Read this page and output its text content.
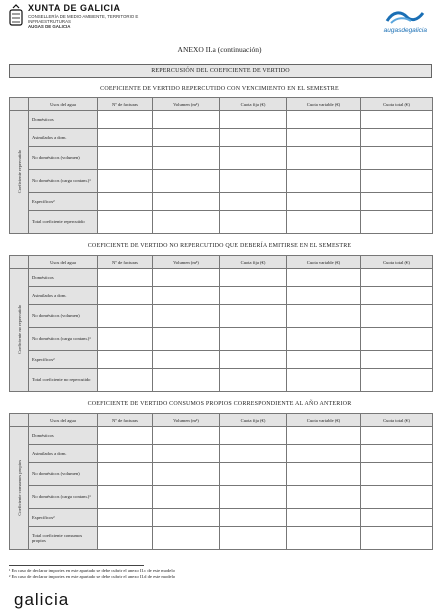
XUNTA DE GALICIA
CONSELLERÍA DE MEDIO AMBIENTE, TERRITORIO E INFRAESTRUTURAS
AUGAS DE GALICIA
augasdegalicia
ANEXO II.a (continuación)
REPERCUSIÓN DEL COEFICIENTE DE VERTIDO
COEFICIENTE DE VERTIDO REPERCUTIDO CON VENCIMIENTO EN EL SEMESTRE
	Usos del agua	Nº de facturas	Volumen (m³)	Cuota fija (€)	Cuota variable (€)	Cuota total (€)
Coeficiente repercutido	Domésticos					
	Asimilados a dom.					
	No domésticos (volumen)					
	No domésticos (carga contam.)¹					
	Específicos²					
	Total coeficiente repercutido					
COEFICIENTE DE VERTIDO NO REPERCUTIDO QUE DEBERÍA EMITIRSE EN EL SEMESTRE
	Usos del agua	Nº de facturas	Volumen (m³)	Cuota fija (€)	Cuota variable (€)	Cuota total (€)
Coeficiente no repercutido	Domésticos					
	Asimilados a dom.					
	No domésticos (volumen)					
	No domésticos (carga contam.)¹					
	Específicos²					
	Total coeficiente no repercutido					
COEFICIENTE DE VERTIDO CONSUMOS PROPIOS CORRESPONDIENTE AL AÑO ANTERIOR
	Usos del agua	Nº de facturas	Volumen (m³)	Cuota fija (€)	Cuota variable (€)	Cuota total (€)
Coeficiente consumos propios	Domésticos					
	Asimilados a dom.					
	No domésticos (volumen)					
	No domésticos (carga contam.)¹					
	Específicos²					
	Total coeficiente consumos propios					
¹ En caso de declarar importes en este apartado se debe cubrir el anexo II.c de este modelo
² En caso de declarar importes en este apartado se debe cubrir el anexo II.d de este modelo
galicia
